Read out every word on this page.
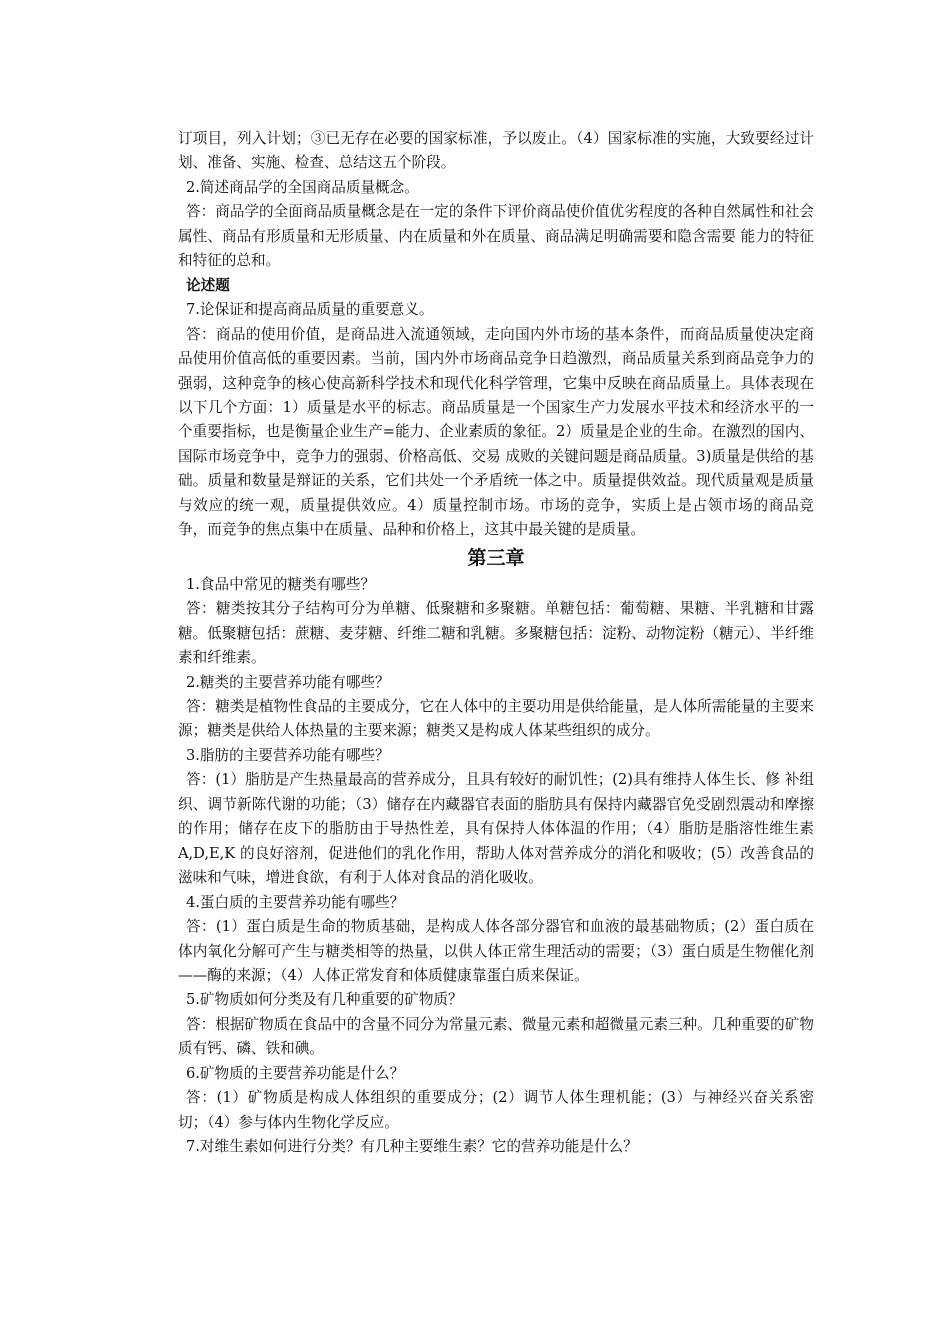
订项目，列入计划；③已无存在必要的国家标准，予以废止。（4）国家标准的实施，大致要经过计划、准备、实施、检查、总结这五个阶段。

2.简述商品学的全国商品质量概念。

答：商品学的全面商品质量概念是在一定的条件下评价商品使价值优劣程度的各种自然属性和社会属性、商品有形质量和无形质量、内在质量和外在质量、商品满足明确需要和隐含需要 能力的特征和特征的总和。

论述题

7.论保证和提高商品质量的重要意义。

答：商品的使用价值，是商品进入流通领域，走向国内外市场的基本条件，而商品质量使决定商 品使用价值高低的重要因素。当前，国内外市场商品竞争日趋激烈，商品质量关系到商品竞争力的强弱，这种竞争的核心使高新科学技术和现代化科学管理，它集中反映在商品质量上。具体表现在以下几个方面：1）质量是水平的标志。商品质量是一个国家生产力发展水平技术和经济水平的一个重要指标，也是衡量企业生产=能力、企业素质的象征。2）质量是企业的生命。在激烈的国内、国际市场竞争中，竞争力的强弱、价格高低、交易 成败的关键问题是商品质量。3)质量是供给的基础。质量和数量是辩证的关系，它们共处一个矛盾统一体之中。质量提供效益。现代质量观是质量与效应的统一观，质量提供效应。4）质量控制市场。市场的竞争，实质上是占领市场的商品竞争，而竞争的焦点集中在质量、品种和价格上，这其中最关键的是质量。

第三章

1.食品中常见的糖类有哪些？

答：糖类按其分子结构可分为单糖、低聚糖和多聚糖。单糖包括：葡萄糖、果糖、半乳糖和甘露 糖。低聚糖包括：蔗糖、麦芽糖、纤维二糖和乳糖。多聚糖包括：淀粉、动物淀粉（糖元）、半纤维素和纤维素。

2.糖类的主要营养功能有哪些？

答：糖类是植物性食品的主要成分，它在人体中的主要功用是供给能量，是人体所需能量的主要来源；糖类是供给人体热量的主要来源；糖类又是构成人体某些组织的成分。

3.脂肪的主要营养功能有哪些？

答：(1）脂肪是产生热量最高的营养成分，且具有较好的耐饥性；(2)具有维持人体生长、修 补组织、调节新陈代谢的功能；（3）储存在内藏器官表面的脂肪具有保持内藏器官免受剧烈震动和摩擦的作用；储存在皮下的脂肪由于导热性差，具有保持人体体温的作用；（4）脂肪是脂溶性维生素 A,D,E,K 的良好溶剂，促进他们的乳化作用，帮助人体对营养成分的消化和吸收；(5）改善食品的滋味和气味，增进食欲，有利于人体对食品的消化吸收。

4.蛋白质的主要营养功能有哪些？

答：(1）蛋白质是生命的物质基础，是构成人体各部分器官和血液的最基础物质；(2）蛋白质在体内氧化分解可产生与糖类相等的热量，以供人体正常生理活动的需要；（3）蛋白质是生物催化剂——酶的来源；（4）人体正常发育和体质健康靠蛋白质来保证。

5.矿物质如何分类及有几种重要的矿物质？

答：根据矿物质在食品中的含量不同分为常量元素、微量元素和超微量元素三种。几种重要的矿物质有钙、磷、铁和碘。

6.矿物质的主要营养功能是什么？

答：(1）矿物质是构成人体组织的重要成分；(2）调节人体生理机能；(3）与神经兴奋关系密切；（4）参与体内生物化学反应。

7.对维生素如何进行分类？有几种主要维生素？它的营养功能是什么？
